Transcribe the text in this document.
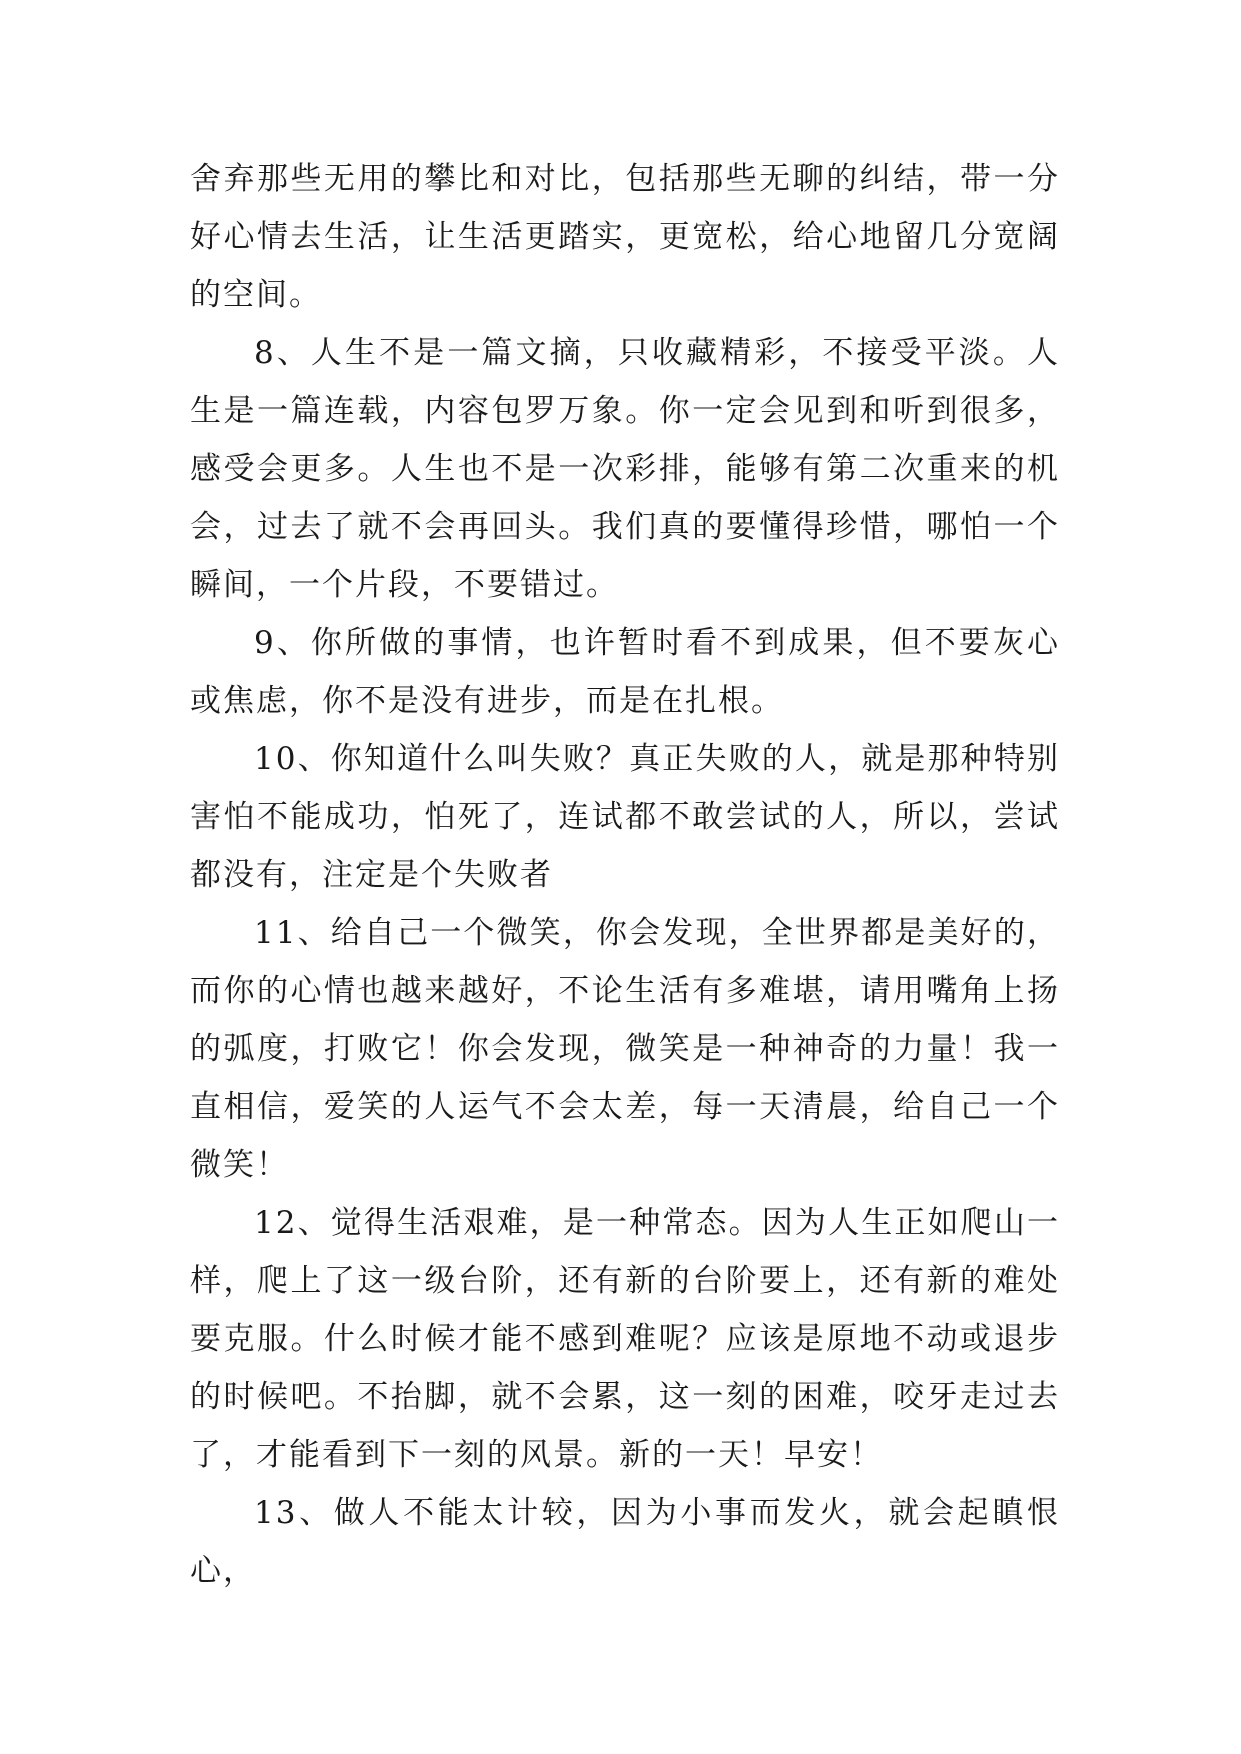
舍弃那些无用的攀比和对比，包括那些无聊的纠结，带一分好心情去生活，让生活更踏实，更宽松，给心地留几分宽阔的空间。

8、人生不是一篇文摘，只收藏精彩，不接受平淡。人生是一篇连载，内容包罗万象。你一定会见到和听到很多，感受会更多。人生也不是一次彩排，能够有第二次重来的机会，过去了就不会再回头。我们真的要懂得珍惜，哪怕一个瞬间，一个片段，不要错过。

9、你所做的事情，也许暂时看不到成果，但不要灰心或焦虑，你不是没有进步，而是在扎根。

10、你知道什么叫失败？真正失败的人，就是那种特别害怕不能成功，怕死了，连试都不敢尝试的人，所以，尝试都没有，注定是个失败者

11、给自己一个微笑，你会发现，全世界都是美好的，而你的心情也越来越好，不论生活有多难堪，请用嘴角上扬的弧度，打败它！你会发现，微笑是一种神奇的力量！我一直相信，爱笑的人运气不会太差，每一天清晨，给自己一个微笑！

12、觉得生活艰难，是一种常态。因为人生正如爬山一样，爬上了这一级台阶，还有新的台阶要上，还有新的难处要克服。什么时候才能不感到难呢？应该是原地不动或退步的时候吧。不抬脚，就不会累，这一刻的困难，咬牙走过去了，才能看到下一刻的风景。新的一天！早安！

13、做人不能太计较，因为小事而发火，就会起瞋恨心，
